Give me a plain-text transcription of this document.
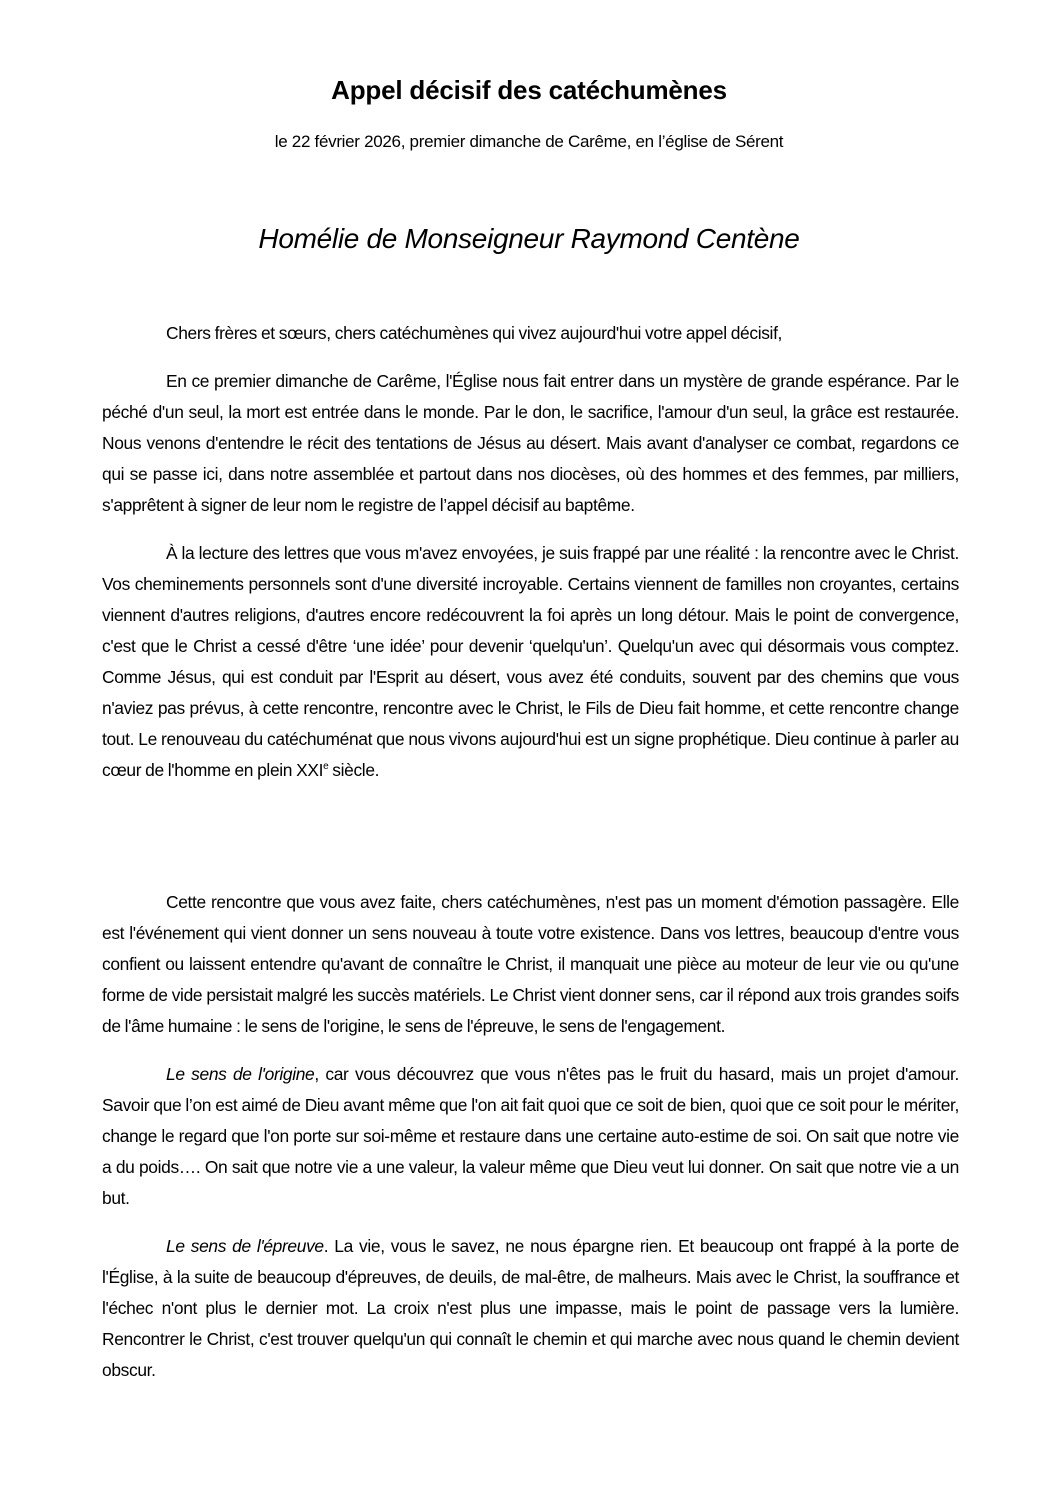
Appel décisif des catéchumènes
le 22 février 2026, premier dimanche de Carême, en l’église de Sérent
Homélie de Monseigneur Raymond Centène

Chers frères et sœurs, chers catéchumènes qui vivez aujourd'hui votre appel décisif,

En ce premier dimanche de Carême, l'Église nous fait entrer dans un mystère de grande espérance. Par le péché d'un seul, la mort est entrée dans le monde. Par le don, le sacrifice, l'amour d'un seul, la grâce est restaurée. Nous venons d'entendre le récit des tentations de Jésus au désert. Mais avant d'analyser ce combat, regardons ce qui se passe ici, dans notre assemblée et partout dans nos diocèses, où des hommes et des femmes, par milliers, s'apprêtent à signer de leur nom le registre de l’appel décisif au baptême.

À la lecture des lettres que vous m'avez envoyées, je suis frappé par une réalité : la rencontre avec le Christ. Vos cheminements personnels sont d'une diversité incroyable. Certains viennent de familles non croyantes, certains viennent d'autres religions, d'autres encore redécouvrent la foi après un long détour. Mais le point de convergence, c'est que le Christ a cessé d'être ‘une idée’ pour devenir ‘quelqu'un’. Quelqu'un avec qui désormais vous comptez. Comme Jésus, qui est conduit par l'Esprit au désert, vous avez été conduits, souvent par des chemins que vous n'aviez pas prévus, à cette rencontre, rencontre avec le Christ, le Fils de Dieu fait homme, et cette rencontre change tout. Le renouveau du catéchuménat que nous vivons aujourd'hui est un signe prophétique. Dieu continue à parler au cœur de l'homme en plein XXIe siècle.

Cette rencontre que vous avez faite, chers catéchumènes, n'est pas un moment d'émotion passagère. Elle est l'événement qui vient donner un sens nouveau à toute votre existence. Dans vos lettres, beaucoup d'entre vous confient ou laissent entendre qu'avant de connaître le Christ, il manquait une pièce au moteur de leur vie ou qu'une forme de vide persistait malgré les succès matériels. Le Christ vient donner sens, car il répond aux trois grandes soifs de l'âme humaine : le sens de l'origine, le sens de l'épreuve, le sens de l'engagement.

Le sens de l'origine, car vous découvrez que vous n'êtes pas le fruit du hasard, mais un projet d'amour. Savoir que l’on est aimé de Dieu avant même que l'on ait fait quoi que ce soit de bien, quoi que ce soit pour le mériter, change le regard que l'on porte sur soi-même et restaure dans une certaine auto-estime de soi. On sait que notre vie a du poids…. On sait que notre vie a une valeur, la valeur même que Dieu veut lui donner. On sait que notre vie a un but.

Le sens de l'épreuve. La vie, vous le savez, ne nous épargne rien. Et beaucoup ont frappé à la porte de l'Église, à la suite de beaucoup d'épreuves, de deuils, de mal-être, de malheurs. Mais avec le Christ, la souffrance et l'échec n'ont plus le dernier mot. La croix n'est plus une impasse, mais le point de passage vers la lumière. Rencontrer le Christ, c'est trouver quelqu'un qui connaît le chemin et qui marche avec nous quand le chemin devient obscur.
